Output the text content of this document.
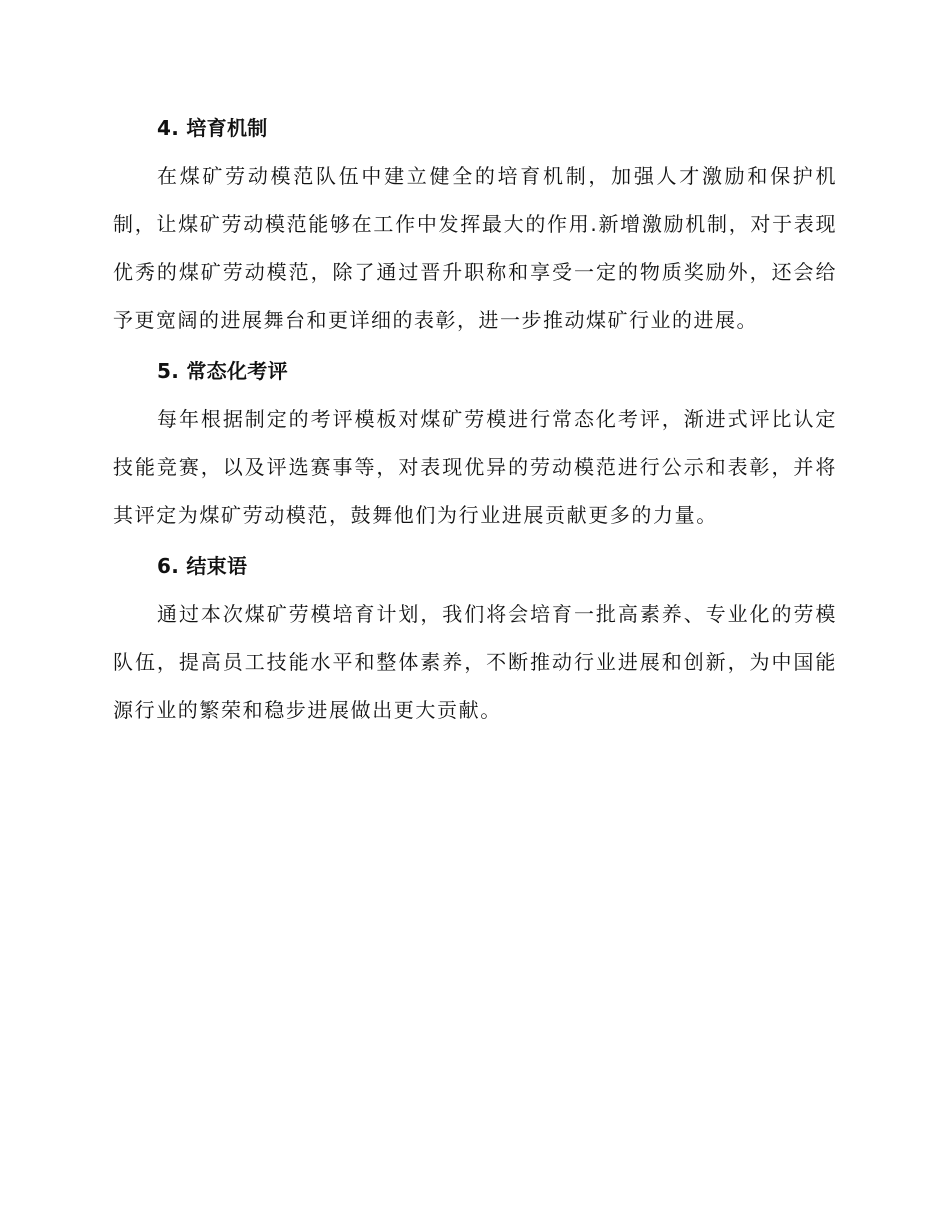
4. 培育机制

在煤矿劳动模范队伍中建立健全的培育机制，加强人才激励和保护机制，让煤矿劳动模范能够在工作中发挥最大的作用.新增激励机制，对于表现优秀的煤矿劳动模范，除了通过晋升职称和享受一定的物质奖励外，还会给予更宽阔的进展舞台和更详细的表彰，进一步推动煤矿行业的进展。

5. 常态化考评

每年根据制定的考评模板对煤矿劳模进行常态化考评，渐进式评比认定技能竞赛，以及评选赛事等，对表现优异的劳动模范进行公示和表彰，并将其评定为煤矿劳动模范，鼓舞他们为行业进展贡献更多的力量。

6. 结束语

通过本次煤矿劳模培育计划，我们将会培育一批高素养、专业化的劳模队伍，提高员工技能水平和整体素养，不断推动行业进展和创新，为中国能源行业的繁荣和稳步进展做出更大贡献。
